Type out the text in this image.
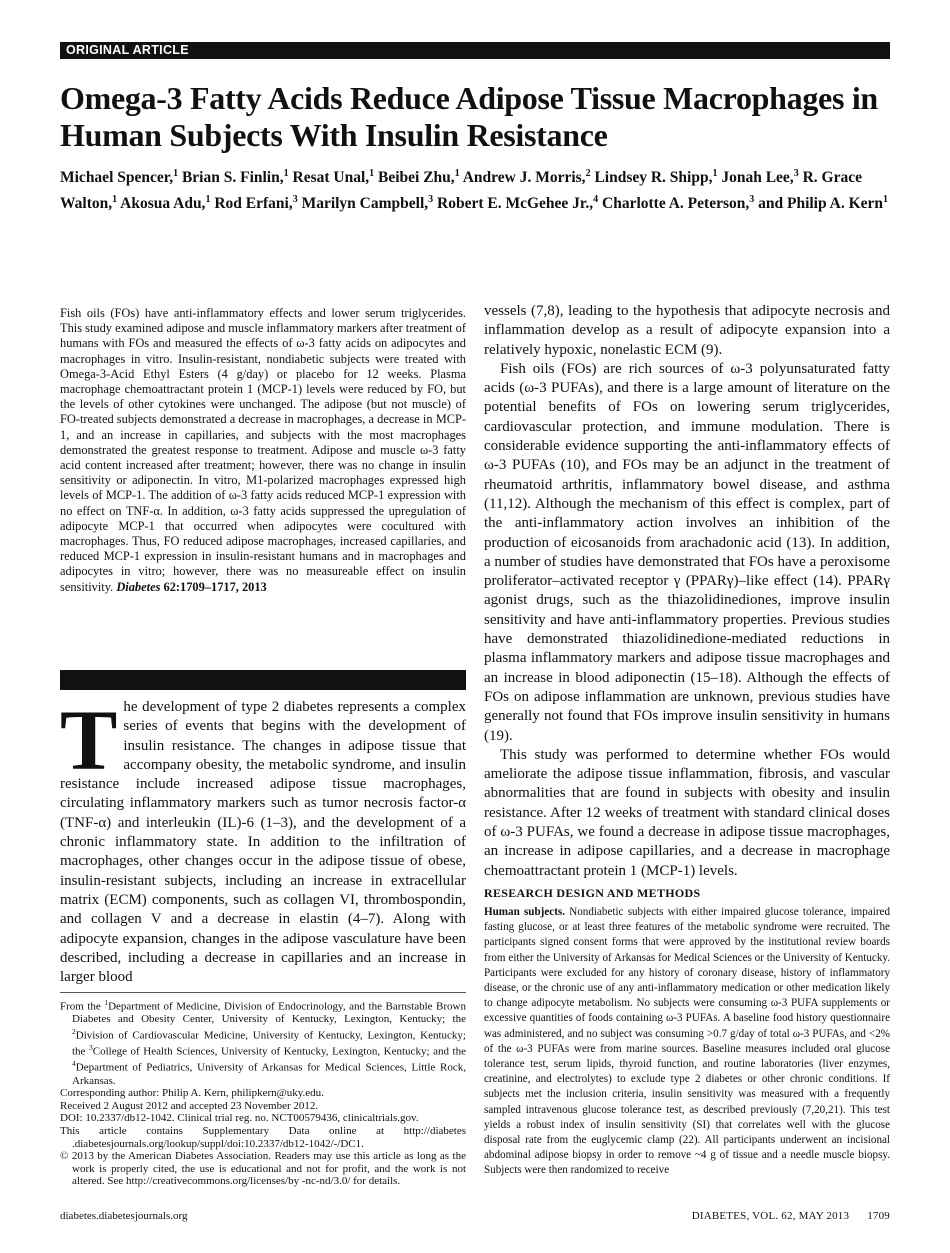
ORIGINAL ARTICLE
Omega-3 Fatty Acids Reduce Adipose Tissue Macrophages in Human Subjects With Insulin Resistance
Michael Spencer,$^1$ Brian S. Finlin,$^1$ Resat Unal,$^1$ Beibei Zhu,$^1$ Andrew J. Morris,$^2$ Lindsey R. Shipp,$^1$ Jonah Lee,$^3$ R. Grace Walton,$^1$ Akosua Adu,$^1$ Rod Erfani,$^3$ Marilyn Campbell,$^3$ Robert E. McGehee Jr.,$^4$ Charlotte A. Peterson,$^3$ and Philip A. Kern$^1$
Fish oils (FOs) have anti-inflammatory effects and lower serum triglycerides. This study examined adipose and muscle inflammatory markers after treatment of humans with FOs and measured the effects of ω-3 fatty acids on adipocytes and macrophages in vitro. Insulin-resistant, nondiabetic subjects were treated with Omega-3-Acid Ethyl Esters (4 g/day) or placebo for 12 weeks. Plasma macrophage chemoattractant protein 1 (MCP-1) levels were reduced by FO, but the levels of other cytokines were unchanged. The adipose (but not muscle) of FO-treated subjects demonstrated a decrease in macrophages, a decrease in MCP-1, and an increase in capillaries, and subjects with the most macrophages demonstrated the greatest response to treatment. Adipose and muscle ω-3 fatty acid content increased after treatment; however, there was no change in insulin sensitivity or adiponectin. In vitro, M1-polarized macrophages expressed high levels of MCP-1. The addition of ω-3 fatty acids reduced MCP-1 expression with no effect on TNF-α. In addition, ω-3 fatty acids suppressed the upregulation of adipocyte MCP-1 that occurred when adipocytes were cocultured with macrophages. Thus, FO reduced adipose macrophages, increased capillaries, and reduced MCP-1 expression in insulin-resistant humans and in macrophages and adipocytes in vitro; however, there was no measureable effect on insulin sensitivity. Diabetes 62:1709–1717, 2013
T he development of type 2 diabetes represents a complex series of events that begins with the development of insulin resistance. The changes in adipose tissue that accompany obesity, the metabolic syndrome, and insulin resistance include increased adipose tissue macrophages, circulating inflammatory markers such as tumor necrosis factor-α (TNF-α) and interleukin (IL)-6 (1–3), and the development of a chronic inflammatory state. In addition to the infiltration of macrophages, other changes occur in the adipose tissue of obese, insulin-resistant subjects, including an increase in extracellular matrix (ECM) components, such as collagen VI, thrombospondin, and collagen V and a decrease in elastin (4–7). Along with adipocyte expansion, changes in the adipose vasculature have been described, including a decrease in capillaries and an increase in larger blood

vessels (7,8), leading to the hypothesis that adipocyte necrosis and inflammation develop as a result of adipocyte expansion into a relatively hypoxic, nonelastic ECM (9).

Fish oils (FOs) are rich sources of ω-3 polyunsaturated fatty acids (ω-3 PUFAs), and there is a large amount of literature on the potential benefits of FOs on lowering serum triglycerides, cardiovascular protection, and immune modulation. There is considerable evidence supporting the anti-inflammatory effects of ω-3 PUFAs (10), and FOs may be an adjunct in the treatment of rheumatoid arthritis, inflammatory bowel disease, and asthma (11,12). Although the mechanism of this effect is complex, part of the anti-inflammatory action involves an inhibition of the production of eicosanoids from arachadonic acid (13). In addition, a number of studies have demonstrated that FOs have a peroxisome proliferator–activated receptor γ (PPARγ)–like effect (14). PPARγ agonist drugs, such as the thiazolidinediones, improve insulin sensitivity and have anti-inflammatory properties. Previous studies have demonstrated thiazolidinedione-mediated reductions in plasma inflammatory markers and adipose tissue macrophages and an increase in blood adiponectin (15–18). Although the effects of FOs on adipose inflammation are unknown, previous studies have generally not found that FOs improve insulin sensitivity in humans (19).

This study was performed to determine whether FOs would ameliorate the adipose tissue inflammation, fibrosis, and vascular abnormalities that are found in subjects with obesity and insulin resistance. After 12 weeks of treatment with standard clinical doses of ω-3 PUFAs, we found a decrease in adipose tissue macrophages, an increase in adipose capillaries, and a decrease in macrophage chemoattractant protein 1 (MCP-1) levels.

RESEARCH DESIGN AND METHODS
Human subjects. Nondiabetic subjects with either impaired glucose tolerance, impaired fasting glucose, or at least three features of the metabolic syndrome were recruited. The participants signed consent forms that were approved by the institutional review boards from either the University of Arkansas for Medical Sciences or the University of Kentucky. Participants were excluded for any history of coronary disease, history of inflammatory disease, or the chronic use of any anti-inflammatory medication or other medication likely to change adipocyte metabolism. No subjects were consuming ω-3 PUFA supplements or excessive quantities of foods containing ω-3 PUFAs. A baseline food history questionnaire was administered, and no subject was consuming >0.7 g/day of total ω-3 PUFAs, and <2% of the ω-3 PUFAs were from marine sources. Baseline measures included oral glucose tolerance test, serum lipids, thyroid function, and routine laboratories (liver enzymes, creatinine, and electrolytes) to exclude type 2 diabetes or other chronic conditions. If subjects met the inclusion criteria, insulin sensitivity was measured with a frequently sampled intravenous glucose tolerance test, as described previously (7,20,21). This test yields a robust index of insulin sensitivity (SI) that correlates well with the glucose disposal rate from the euglycemic clamp (22). All participants underwent an incisional abdominal adipose biopsy in order to remove ~4 g of tissue and a needle muscle biopsy. Subjects were then randomized to receive

From the $^1$Department of Medicine, Division of Endocrinology, and the Barnstable Brown Diabetes and Obesity Center, University of Kentucky, Lexington, Kentucky; the $^2$Division of Cardiovascular Medicine, University of Kentucky, Lexington, Kentucky; the $^3$College of Health Sciences, University of Kentucky, Lexington, Kentucky; and the $^4$Department of Pediatrics, University of Arkansas for Medical Sciences, Little Rock, Arkansas.

Corresponding author: Philip A. Kern, philipkern@uky.edu.

Received 2 August 2012 and accepted 23 November 2012.

DOI: 10.2337/db12-1042. Clinical trial reg. no. NCT00579436, clinicaltrials.gov.

This article contains Supplementary Data online at http://diabetes .diabetesjournals.org/lookup/suppl/doi:10.2337/db12-1042/-/DC1.

© 2013 by the American Diabetes Association. Readers may use this article as long as the work is properly cited, the use is educational and not for profit, and the work is not altered. See http://creativecommons.org/licenses/by -nc-nd/3.0/ for details.

diabetes.diabetesjournals.org	DIABETES, VOL. 62, MAY 2013 1709
